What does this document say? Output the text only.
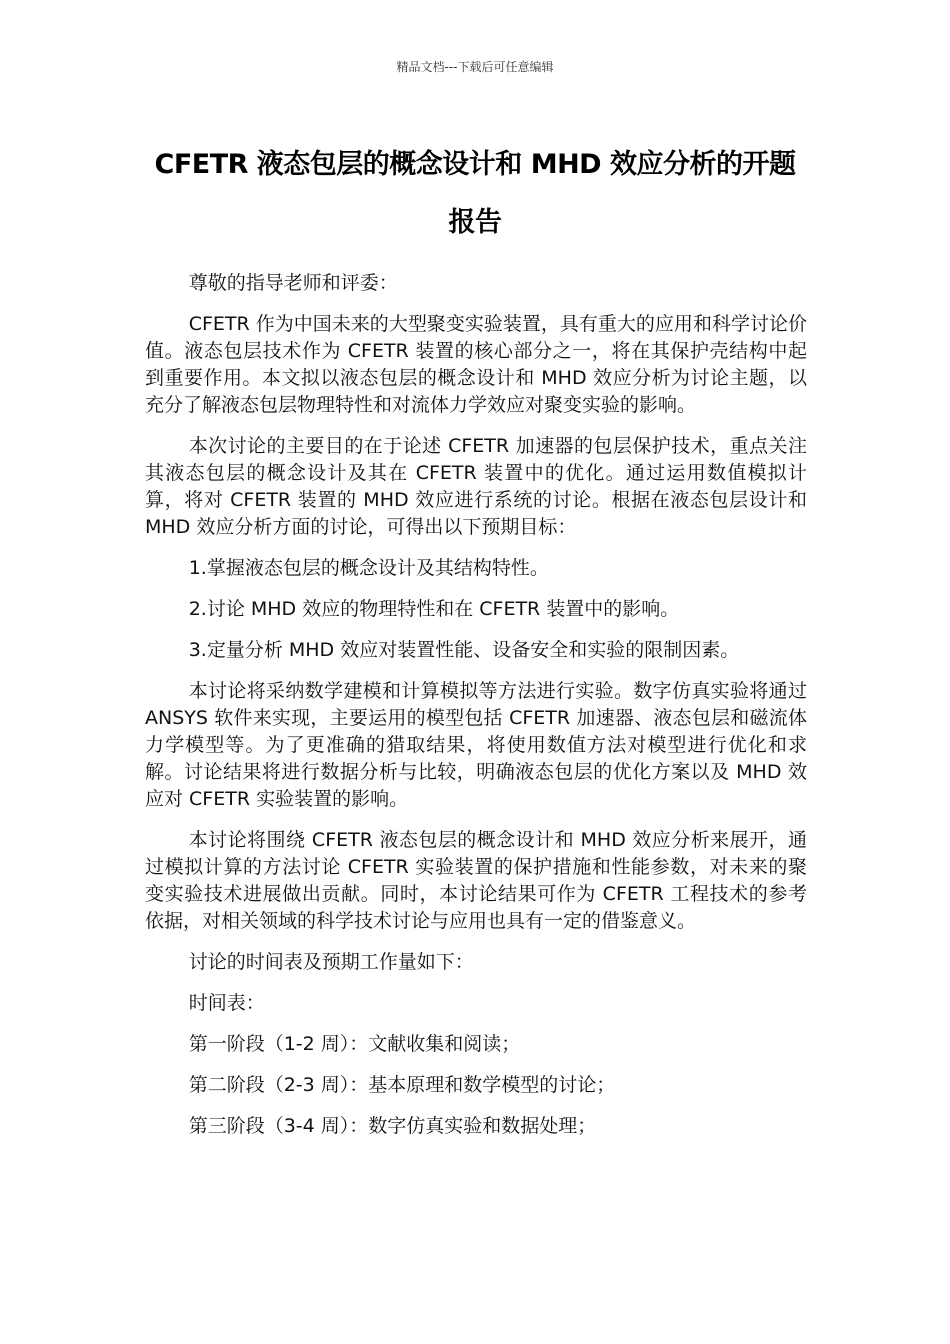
精品文档---下载后可任意编辑
CFETR 液态包层的概念设计和 MHD 效应分析的开题报告

尊敬的指导老师和评委：

CFETR 作为中国未来的大型聚变实验装置，具有重大的应用和科学讨论价值。液态包层技术作为 CFETR 装置的核心部分之一，将在其保护壳结构中起到重要作用。本文拟以液态包层的概念设计和 MHD 效应分析为讨论主题，以充分了解液态包层物理特性和对流体力学效应对聚变实验的影响。

本次讨论的主要目的在于论述 CFETR 加速器的包层保护技术，重点关注其液态包层的概念设计及其在 CFETR 装置中的优化。通过运用数值模拟计算，将对 CFETR 装置的 MHD 效应进行系统的讨论。根据在液态包层设计和 MHD 效应分析方面的讨论，可得出以下预期目标：

1.掌握液态包层的概念设计及其结构特性。

2.讨论 MHD 效应的物理特性和在 CFETR 装置中的影响。

3.定量分析 MHD 效应对装置性能、设备安全和实验的限制因素。

本讨论将采纳数学建模和计算模拟等方法进行实验。数字仿真实验将通过 ANSYS 软件来实现，主要运用的模型包括 CFETR 加速器、液态包层和磁流体力学模型等。为了更准确的猎取结果，将使用数值方法对模型进行优化和求解。讨论结果将进行数据分析与比较，明确液态包层的优化方案以及 MHD 效应对 CFETR 实验装置的影响。

本讨论将围绕 CFETR 液态包层的概念设计和 MHD 效应分析来展开，通过模拟计算的方法讨论 CFETR 实验装置的保护措施和性能参数，对未来的聚变实验技术进展做出贡献。同时，本讨论结果可作为 CFETR 工程技术的参考依据，对相关领域的科学技术讨论与应用也具有一定的借鉴意义。

讨论的时间表及预期工作量如下：

时间表：

第一阶段（1-2 周）：文献收集和阅读；

第二阶段（2-3 周）：基本原理和数学模型的讨论；

第三阶段（3-4 周）：数字仿真实验和数据处理；
